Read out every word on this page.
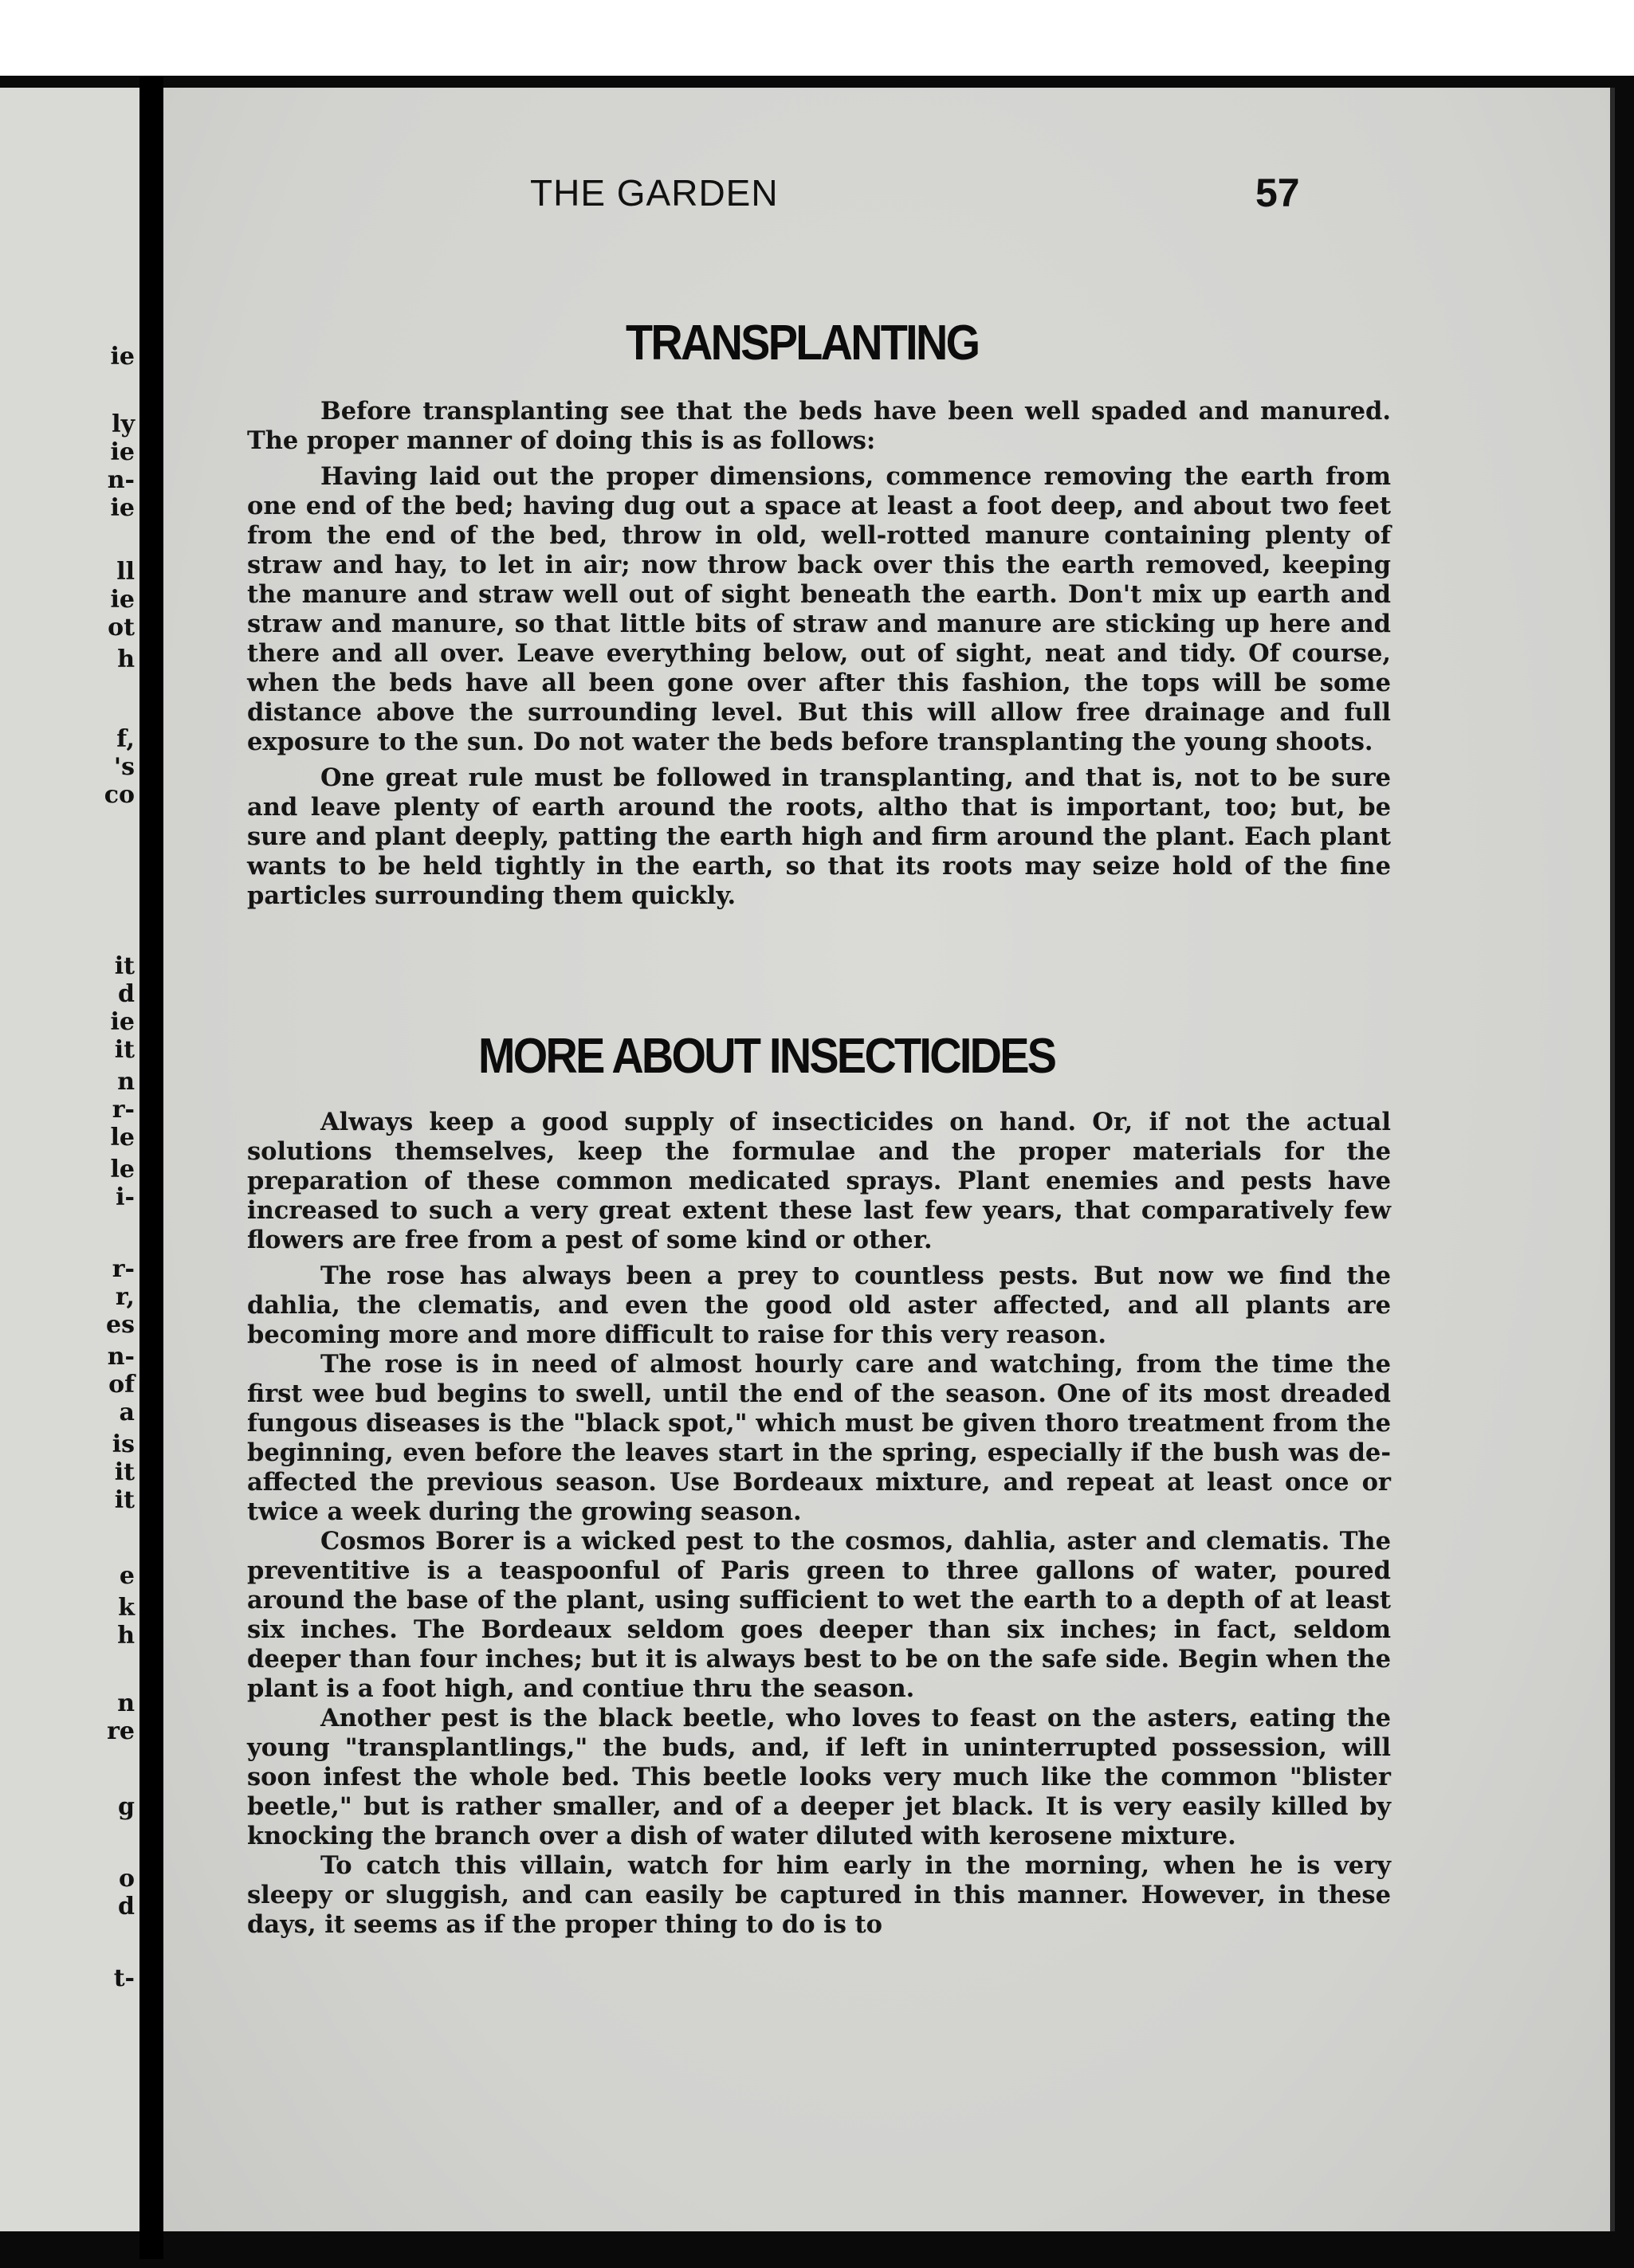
ie
ly
ie
n-
ie
ll
ie
ot
h
f,
's
co
it
d
ie
it
n
r-
le
le
i-
r-
r,
es
n-
of
a
is
it
it
e
k
h
n
re
g
o
d
t-
THE GARDEN	57
TRANSPLANTING

Before transplanting see that the beds have been well spaded and manured. The proper manner of doing this is as follows:

Having laid out the proper dimensions, commence removing the earth from one end of the bed; having dug out a space at least a foot deep, and about two feet from the end of the bed, throw in old, well-rotted manure containing plenty of straw and hay, to let in air; now throw back over this the earth removed, keeping the manure and straw well out of sight beneath the earth. Don't mix up earth and straw and manure, so that little bits of straw and manure are sticking up here and there and all over. Leave everything below, out of sight, neat and tidy. Of course, when the beds have all been gone over after this fashion, the tops will be some distance above the surrounding level. But this will allow free drainage and full exposure to the sun. Do not water the beds before transplanting the young shoots.

One great rule must be followed in transplanting, and that is, not to be sure and leave plenty of earth around the roots, altho that is important, too; but, be sure and plant deeply, patting the earth high and firm around the plant. Each plant wants to be held tightly in the earth, so that its roots may seize hold of the fine particles surrounding them quickly.

MORE ABOUT INSECTICIDES

Always keep a good supply of insecticides on hand. Or, if not the actual solutions themselves, keep the formulae and the proper materials for the preparation of these common medicated sprays. Plant enemies and pests have increased to such a very great extent these last few years, that comparatively few flowers are free from a pest of some kind or other.

The rose has always been a prey to countless pests. But now we find the dahlia, the clematis, and even the good old aster affected, and all plants are becoming more and more difficult to raise for this very reason.

The rose is in need of almost hourly care and watching, from the time the first wee bud begins to swell, until the end of the season. One of its most dreaded fungous diseases is the "black spot," which must be given thoro treatment from the beginning, even before the leaves start in the spring, especially if the bush was de-affected the previous season. Use Bordeaux mixture, and repeat at least once or twice a week during the growing season.

Cosmos Borer is a wicked pest to the cosmos, dahlia, aster and clematis. The preventitive is a teaspoonful of Paris green to three gallons of water, poured around the base of the plant, using sufficient to wet the earth to a depth of at least six inches. The Bordeaux seldom goes deeper than six inches; in fact, seldom deeper than four inches; but it is always best to be on the safe side. Begin when the plant is a foot high, and contiue thru the season.

Another pest is the black beetle, who loves to feast on the asters, eating the young "transplantlings," the buds, and, if left in uninterrupted possession, will soon infest the whole bed. This beetle looks very much like the common "blister beetle," but is rather smaller, and of a deeper jet black. It is very easily killed by knocking the branch over a dish of water diluted with kerosene mixture.

To catch this villain, watch for him early in the morning, when he is very sleepy or sluggish, and can easily be captured in this manner. However, in these days, it seems as if the proper thing to do is to
